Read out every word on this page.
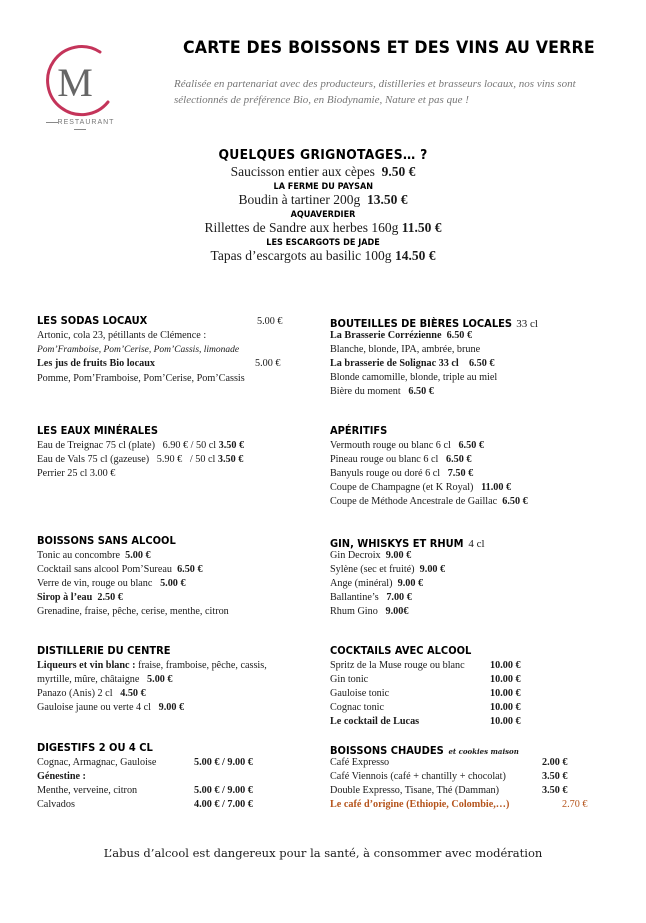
M
RESTAURANT
CARTE DES BOISSONS ET DES VINS AU VERRE
Réalisée en partenariat avec des producteurs, distilleries et brasseurs locaux, nos vins sont sélectionnés de préférence Bio, en Biodynamie, Nature et pas que !
QUELQUES GRIGNOTAGES… ?
Saucisson entier aux cèpes 9.50 €
LA FERME DU PAYSAN
Boudin à tartiner 200g 13.50 €
AQUAVERDIER
Rillettes de Sandre aux herbes 160g 11.50 €
LES ESCARGOTS DE JADE
Tapas d’escargots au basilic 100g 14.50 €
LES SODAS LOCAUX	5.00 €
Artonic, cola 23, pétillants de Clémence :
Pom’Framboise, Pom’Cerise, Pom’Cassis, limonade
Les jus de fruits Bio locaux	5.00 €
Pomme, Pom’Framboise, Pom’Cerise, Pom’Cassis
LES EAUX MINÉRALES
Eau de Treignac 75 cl (plate) 6.90 € / 50 cl 3.50 €
Eau de Vals 75 cl (gazeuse) 5.90 € / 50 cl 3.50 €
Perrier 25 cl 3.00 €
BOISSONS SANS ALCOOL
Tonic au concombre 5.00 €
Cocktail sans alcool Pom’Sureau 6.50 €
Verre de vin, rouge ou blanc 5.00 €
Sirop à l’eau 2.50 €
Grenadine, fraise, pêche, cerise, menthe, citron
DISTILLERIE DU CENTRE
Liqueurs et vin blanc : fraise, framboise, pêche, cassis,
myrtille, mûre, châtaigne 5.00 €
Panazo (Anis) 2 cl 4.50 €
Gauloise jaune ou verte 4 cl 9.00 €
DIGESTIFS 2 OU 4 CL
Cognac, Armagnac, Gauloise	5.00 € / 9.00 €
Génestine :
Menthe, verveine, citron	5.00 € / 9.00 €
Calvados	4.00 € / 7.00 €
BOUTEILLES DE BIÈRES LOCALES 33 cl
La Brasserie Corrézienne 6.50 €
Blanche, blonde, IPA, ambrée, brune
La brasserie de Solignac 33 cl 6.50 €
Blonde camomille, blonde, triple au miel
Bière du moment 6.50 €
APÉRITIFS
Vermouth rouge ou blanc 6 cl 6.50 €
Pineau rouge ou blanc 6 cl 6.50 €
Banyuls rouge ou doré 6 cl 7.50 €
Coupe de Champagne (et K Royal) 11.00 €
Coupe de Méthode Ancestrale de Gaillac 6.50 €
GIN, WHISKYS ET RHUM 4 cl
Gin Decroix 9.00 €
Sylène (sec et fruité) 9.00 €
Ange (minéral) 9.00 €
Ballantine’s 7.00 €
Rhum Gino 9.00€
COCKTAILS AVEC ALCOOL
Spritz de la Muse rouge ou blanc 10.00 €
Gin tonic	10.00 €
Gauloise tonic	10.00 €
Cognac tonic	10.00 €
Le cocktail de Lucas	10.00 €
BOISSONS CHAUDES et cookies maison
Café Expresso	2.00 €
Café Viennois (café + chantilly + chocolat)	3.50 €
Double Expresso, Tisane, Thé (Damman)	3.50 €
Le café d’origine (Ethiopie, Colombie,…)	2.70 €
L’abus d’alcool est dangereux pour la santé, à consommer avec modération
